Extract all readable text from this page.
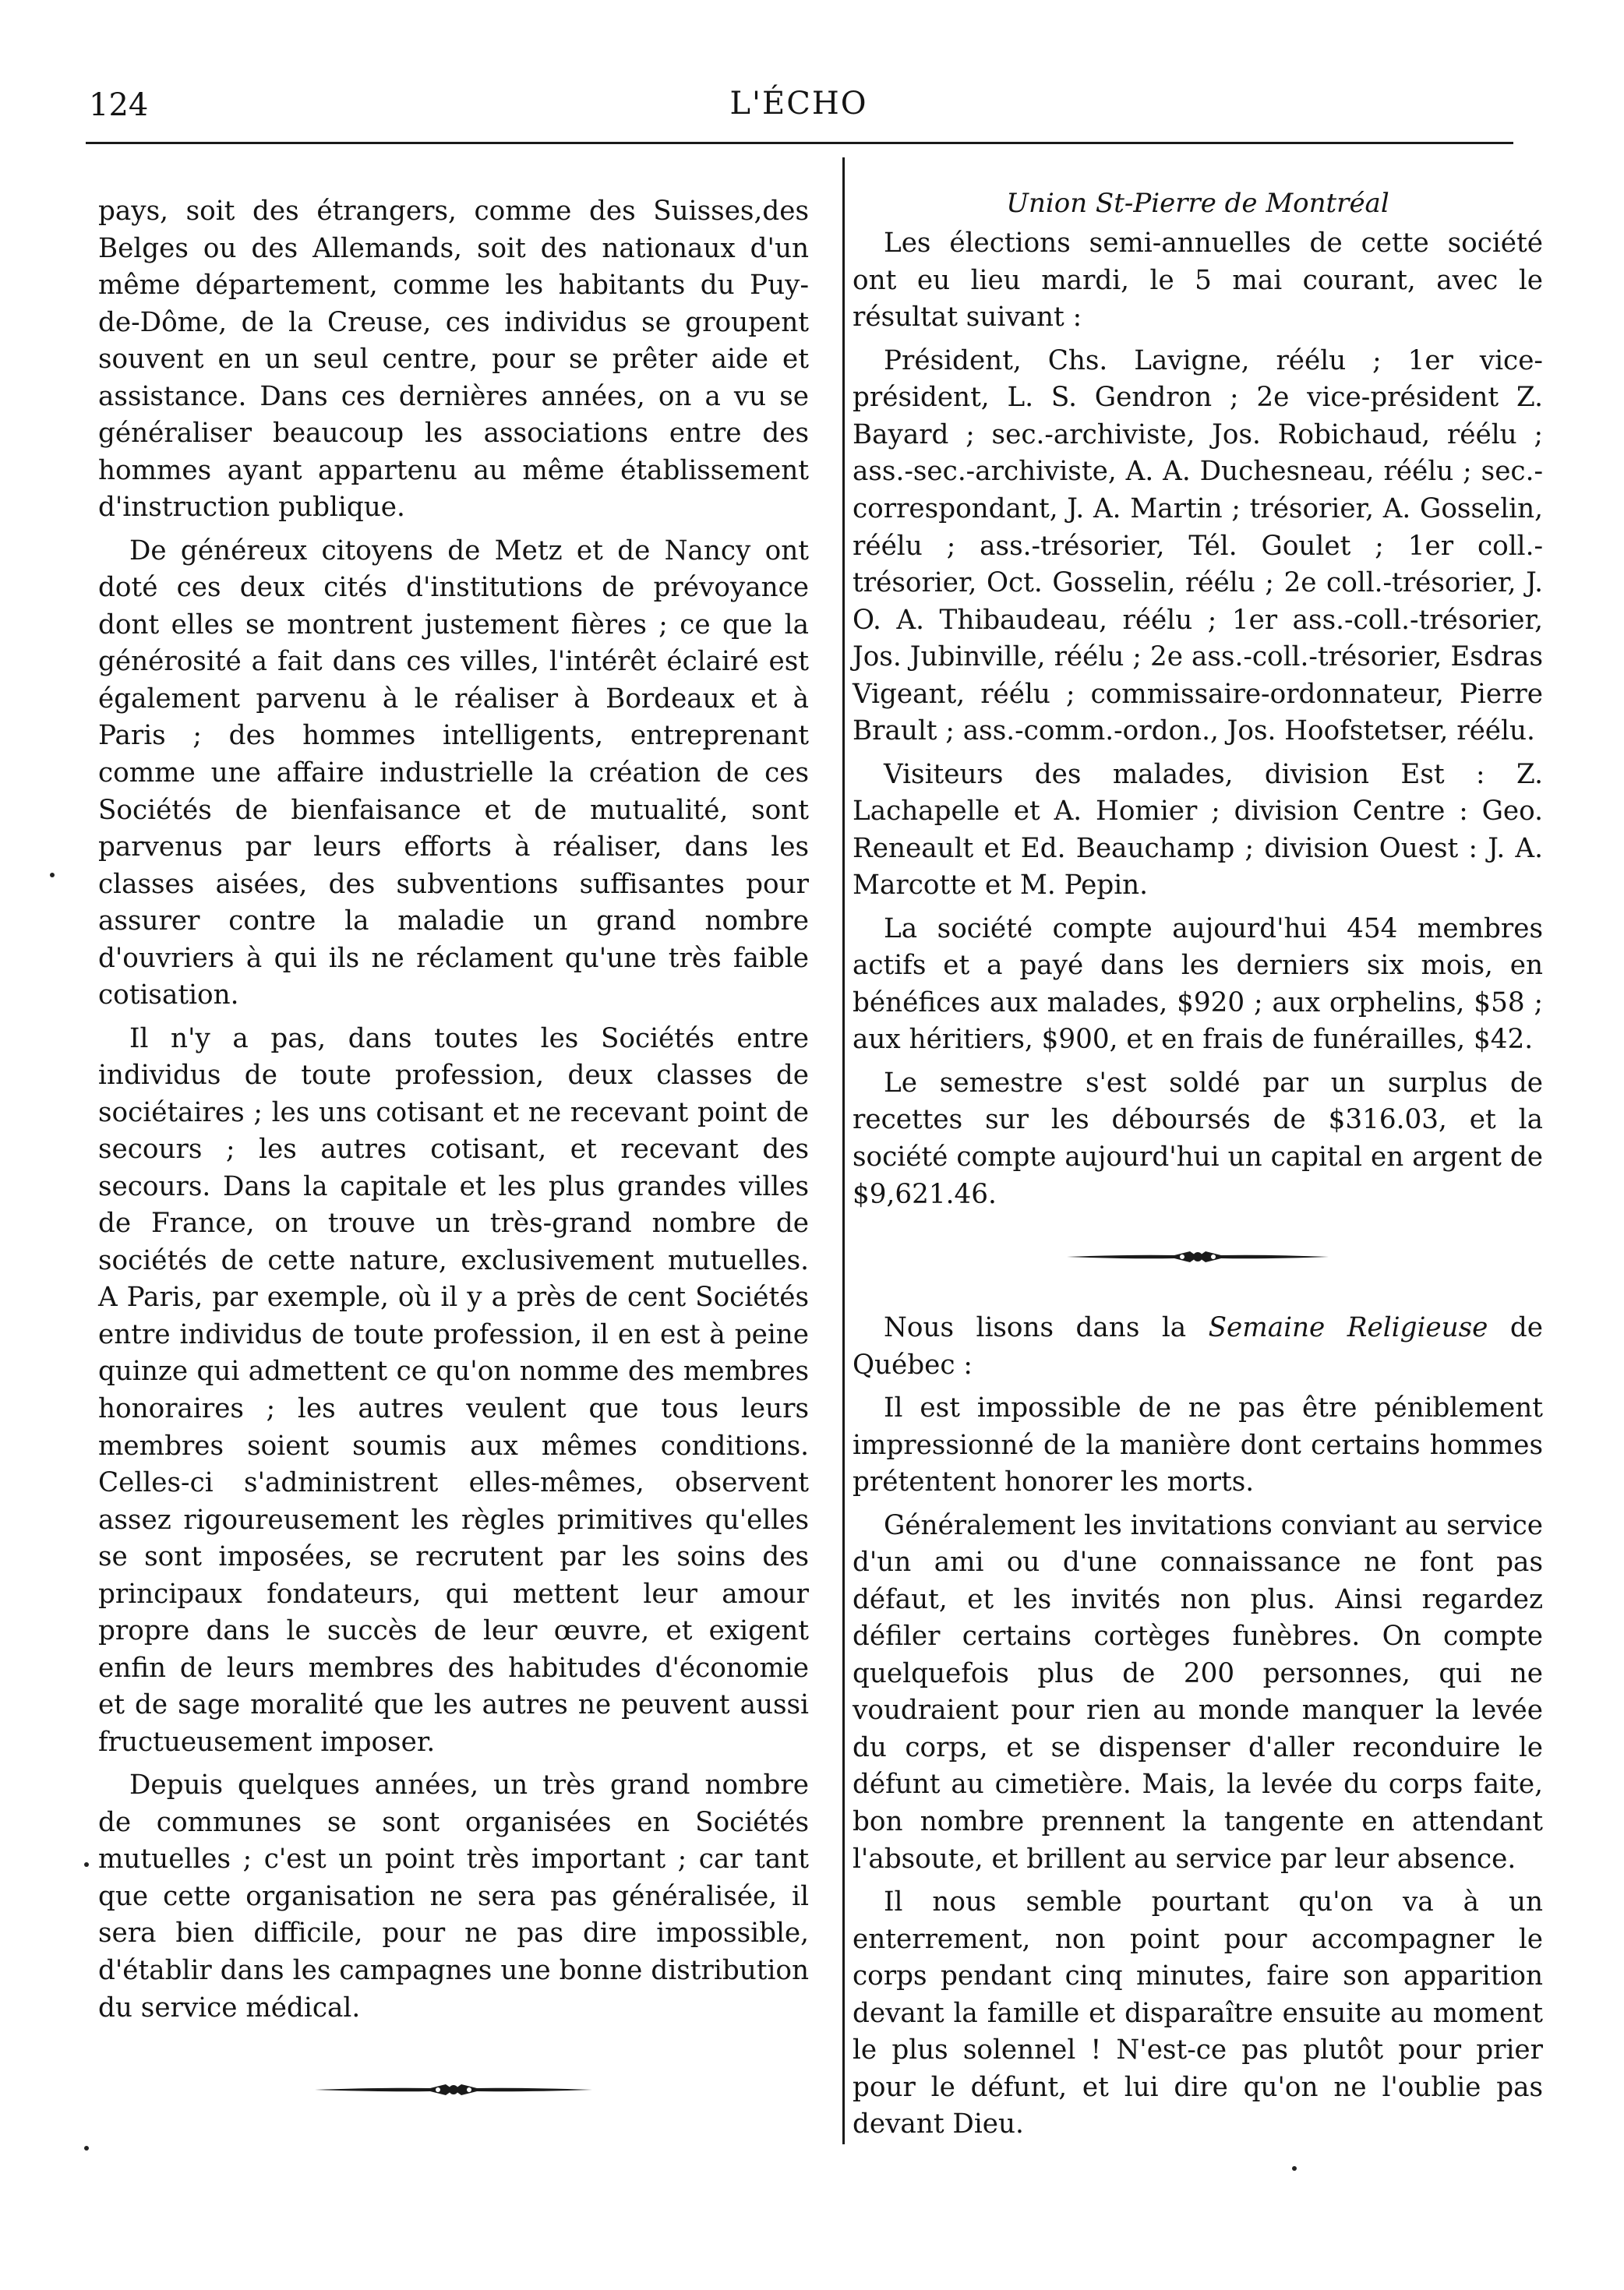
124	L'ÉCHO

pays, soit des étrangers, comme des Suisses,des Belges ou des Allemands, soit des nationaux d'un même département, comme les habitants du Puy-de-Dôme, de la Creuse, ces individus se groupent souvent en un seul centre, pour se prêter aide et assistance. Dans ces dernières années, on a vu se généraliser beaucoup les associations entre des hommes ayant appartenu au même établissement d'instruction publique.

De généreux citoyens de Metz et de Nancy ont doté ces deux cités d'institutions de prévoyance dont elles se montrent justement fières ; ce que la générosité a fait dans ces villes, l'intérêt éclairé est également parvenu à le réaliser à Bordeaux et à Paris ; des hommes intelligents, entreprenant comme une affaire industrielle la création de ces Sociétés de bienfaisance et de mutualité, sont parvenus par leurs efforts à réaliser, dans les classes aisées, des subventions suffisantes pour assurer contre la maladie un grand nombre d'ouvriers à qui ils ne réclament qu'une très faible cotisation.

Il n'y a pas, dans toutes les Sociétés entre individus de toute profession, deux classes de sociétaires ; les uns cotisant et ne recevant point de secours ; les autres cotisant, et recevant des secours. Dans la capitale et les plus grandes villes de France, on trouve un très-grand nombre de sociétés de cette nature, exclusivement mutuelles. A Paris, par exemple, où il y a près de cent Sociétés entre individus de toute profession, il en est à peine quinze qui admettent ce qu'on nomme des membres honoraires ; les autres veulent que tous leurs membres soient soumis aux mêmes conditions. Celles-ci s'administrent elles-mêmes, observent assez rigoureusement les règles primitives qu'elles se sont imposées, se recrutent par les soins des principaux fondateurs, qui mettent leur amour propre dans le succès de leur œuvre, et exigent enfin de leurs membres des habitudes d'économie et de sage moralité que les autres ne peuvent aussi fructueusement imposer.

Depuis quelques années, un très grand nombre de communes se sont organisées en Sociétés mutuelles ; c'est un point très important ; car tant que cette organisation ne sera pas généralisée, il sera bien difficile, pour ne pas dire impossible, d'établir dans les campagnes une bonne distribution du service médical.

Union St-Pierre de Montréal

Les élections semi-annuelles de cette société ont eu lieu mardi, le 5 mai courant, avec le résultat suivant :

Président, Chs. Lavigne, réélu ; 1er vice-président, L. S. Gendron ; 2e vice-président Z. Bayard ; sec.-archiviste, Jos. Robichaud, réélu ; ass.-sec.-archiviste, A. A. Duchesneau, réélu ; sec.-correspondant, J. A. Martin ; trésorier, A. Gosselin, réélu ; ass.-trésorier, Tél. Goulet ; 1er coll.-trésorier, Oct. Gosselin, réélu ; 2e coll.-trésorier, J. O. A. Thibaudeau, réélu ; 1er ass.-coll.-trésorier, Jos. Jubinville, réélu ; 2e ass.-coll.-trésorier, Esdras Vigeant, réélu ; commissaire-ordonnateur, Pierre Brault ; ass.-comm.-ordon., Jos. Hoofstetser, réélu.

Visiteurs des malades, division Est : Z. Lachapelle et A. Homier ; division Centre : Geo. Reneault et Ed. Beauchamp ; division Ouest : J. A. Marcotte et M. Pepin.

La société compte aujourd'hui 454 membres actifs et a payé dans les derniers six mois, en bénéfices aux malades, $920 ; aux orphelins, $58 ; aux héritiers, $900, et en frais de funérailles, $42.

Le semestre s'est soldé par un surplus de recettes sur les déboursés de $316.03, et la société compte aujourd'hui un capital en argent de $9,621.46.

Nous lisons dans la Semaine Religieuse de Québec :

Il est impossible de ne pas être péniblement impressionné de la manière dont certains hommes prétentent honorer les morts.

Généralement les invitations conviant au service d'un ami ou d'une connaissance ne font pas défaut, et les invités non plus. Ainsi regardez défiler certains cortèges funèbres. On compte quelquefois plus de 200 personnes, qui ne voudraient pour rien au monde manquer la levée du corps, et se dispenser d'aller reconduire le défunt au cimetière. Mais, la levée du corps faite, bon nombre prennent la tangente en attendant l'absoute, et brillent au service par leur absence.

Il nous semble pourtant qu'on va à un enterrement, non point pour accompagner le corps pendant cinq minutes, faire son apparition devant la famille et disparaître ensuite au moment le plus solennel ! N'est-ce pas plutôt pour prier pour le défunt, et lui dire qu'on ne l'oublie pas devant Dieu.
